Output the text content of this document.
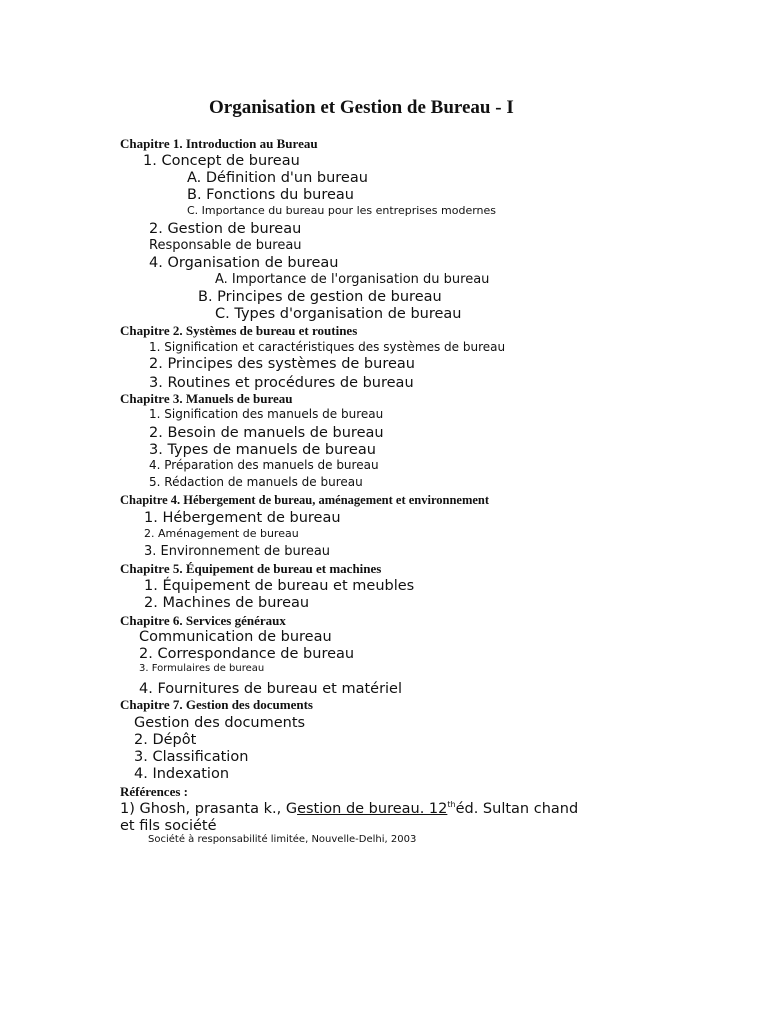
Organisation et Gestion de Bureau - I
Chapitre 1. Introduction au Bureau
1. Concept de bureau
A. Définition d'un bureau
B. Fonctions du bureau
C. Importance du bureau pour les entreprises modernes
2. Gestion de bureau
Responsable de bureau
4. Organisation de bureau
A. Importance de l'organisation du bureau
B. Principes de gestion de bureau
C. Types d'organisation de bureau
Chapitre 2. Systèmes de bureau et routines
1. Signification et caractéristiques des systèmes de bureau
2. Principes des systèmes de bureau
3. Routines et procédures de bureau
Chapitre 3. Manuels de bureau
1. Signification des manuels de bureau
2. Besoin de manuels de bureau
3. Types de manuels de bureau
4. Préparation des manuels de bureau
5. Rédaction de manuels de bureau
Chapitre 4. Hébergement de bureau, aménagement et environnement
1. Hébergement de bureau
2. Aménagement de bureau
3. Environnement de bureau
Chapitre 5. Équipement de bureau et machines
1. Équipement de bureau et meubles
2. Machines de bureau
Chapitre 6. Services généraux
Communication de bureau
2. Correspondance de bureau
3. Formulaires de bureau
4. Fournitures de bureau et matériel
Chapitre 7. Gestion des documents
Gestion des documents
2. Dépôt
3. Classification
4. Indexation
Références :
1) Ghosh, prasanta k., Gestion de bureau. 12théd. Sultan chand
et fils société
Société à responsabilité limitée, Nouvelle-Delhi, 2003
